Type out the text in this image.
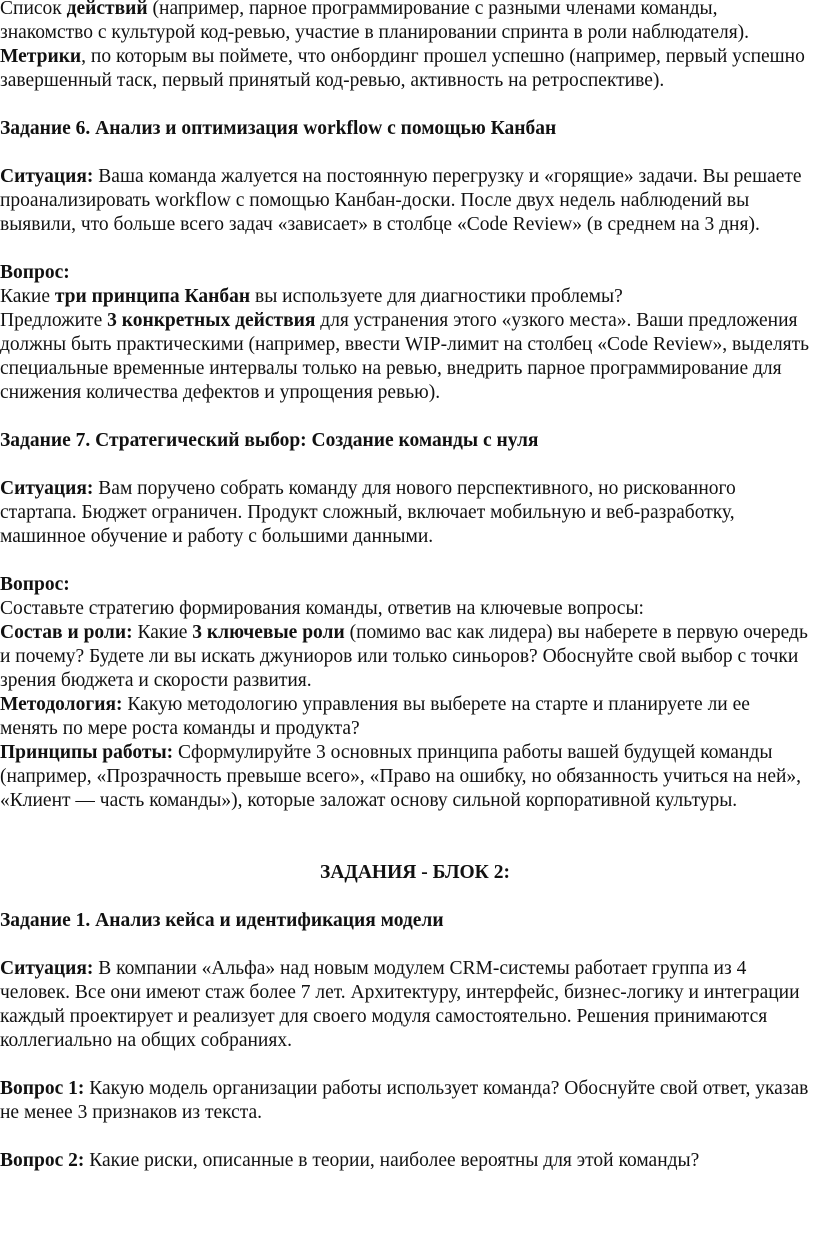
Список действий (например, парное программирование с разными членами команды, знакомство с культурой код-ревью, участие в планировании спринта в роли наблюдателя).

Метрики, по которым вы поймете, что онбординг прошел успешно (например, первый успешно завершенный таск, первый принятый код-ревью, активность на ретроспективе).

Задание 6. Анализ и оптимизация workflow с помощью Канбан

Ситуация: Ваша команда жалуется на постоянную перегрузку и «горящие» задачи. Вы решаете проанализировать workflow с помощью Канбан-доски. После двух недель наблюдений вы выявили, что больше всего задач «зависает» в столбце «Code Review» (в среднем на 3 дня).

Вопрос:

Какие три принципа Канбан вы используете для диагностики проблемы?

Предложите 3 конкретных действия для устранения этого «узкого места». Ваши предложения должны быть практическими (например, ввести WIP-лимит на столбец «Code Review», выделять специальные временные интервалы только на ревью, внедрить парное программирование для снижения количества дефектов и упрощения ревью).

Задание 7. Стратегический выбор: Создание команды с нуля

Ситуация: Вам поручено собрать команду для нового перспективного, но рискованного стартапа. Бюджет ограничен. Продукт сложный, включает мобильную и веб-разработку, машинное обучение и работу с большими данными.

Вопрос:

Составьте стратегию формирования команды, ответив на ключевые вопросы:

Состав и роли: Какие 3 ключевые роли (помимо вас как лидера) вы наберете в первую очередь и почему? Будете ли вы искать джуниоров или только синьоров? Обоснуйте свой выбор с точки зрения бюджета и скорости развития.

Методология: Какую методологию управления вы выберете на старте и планируете ли ее менять по мере роста команды и продукта?

Принципы работы: Сформулируйте 3 основных принципа работы вашей будущей команды (например, «Прозрачность превыше всего», «Право на ошибку, но обязанность учиться на ней», «Клиент — часть команды»), которые заложат основу сильной корпоративной культуры.

ЗАДАНИЯ - БЛОК 2:

Задание 1. Анализ кейса и идентификация модели

Ситуация: В компании «Альфа» над новым модулем CRM-системы работает группа из 4 человек. Все они имеют стаж более 7 лет. Архитектуру, интерфейс, бизнес-логику и интеграции каждый проектирует и реализует для своего модуля самостоятельно. Решения принимаются коллегиально на общих собраниях.

Вопрос 1: Какую модель организации работы использует команда? Обоснуйте свой ответ, указав не менее 3 признаков из текста.

Вопрос 2: Какие риски, описанные в теории, наиболее вероятны для этой команды?
